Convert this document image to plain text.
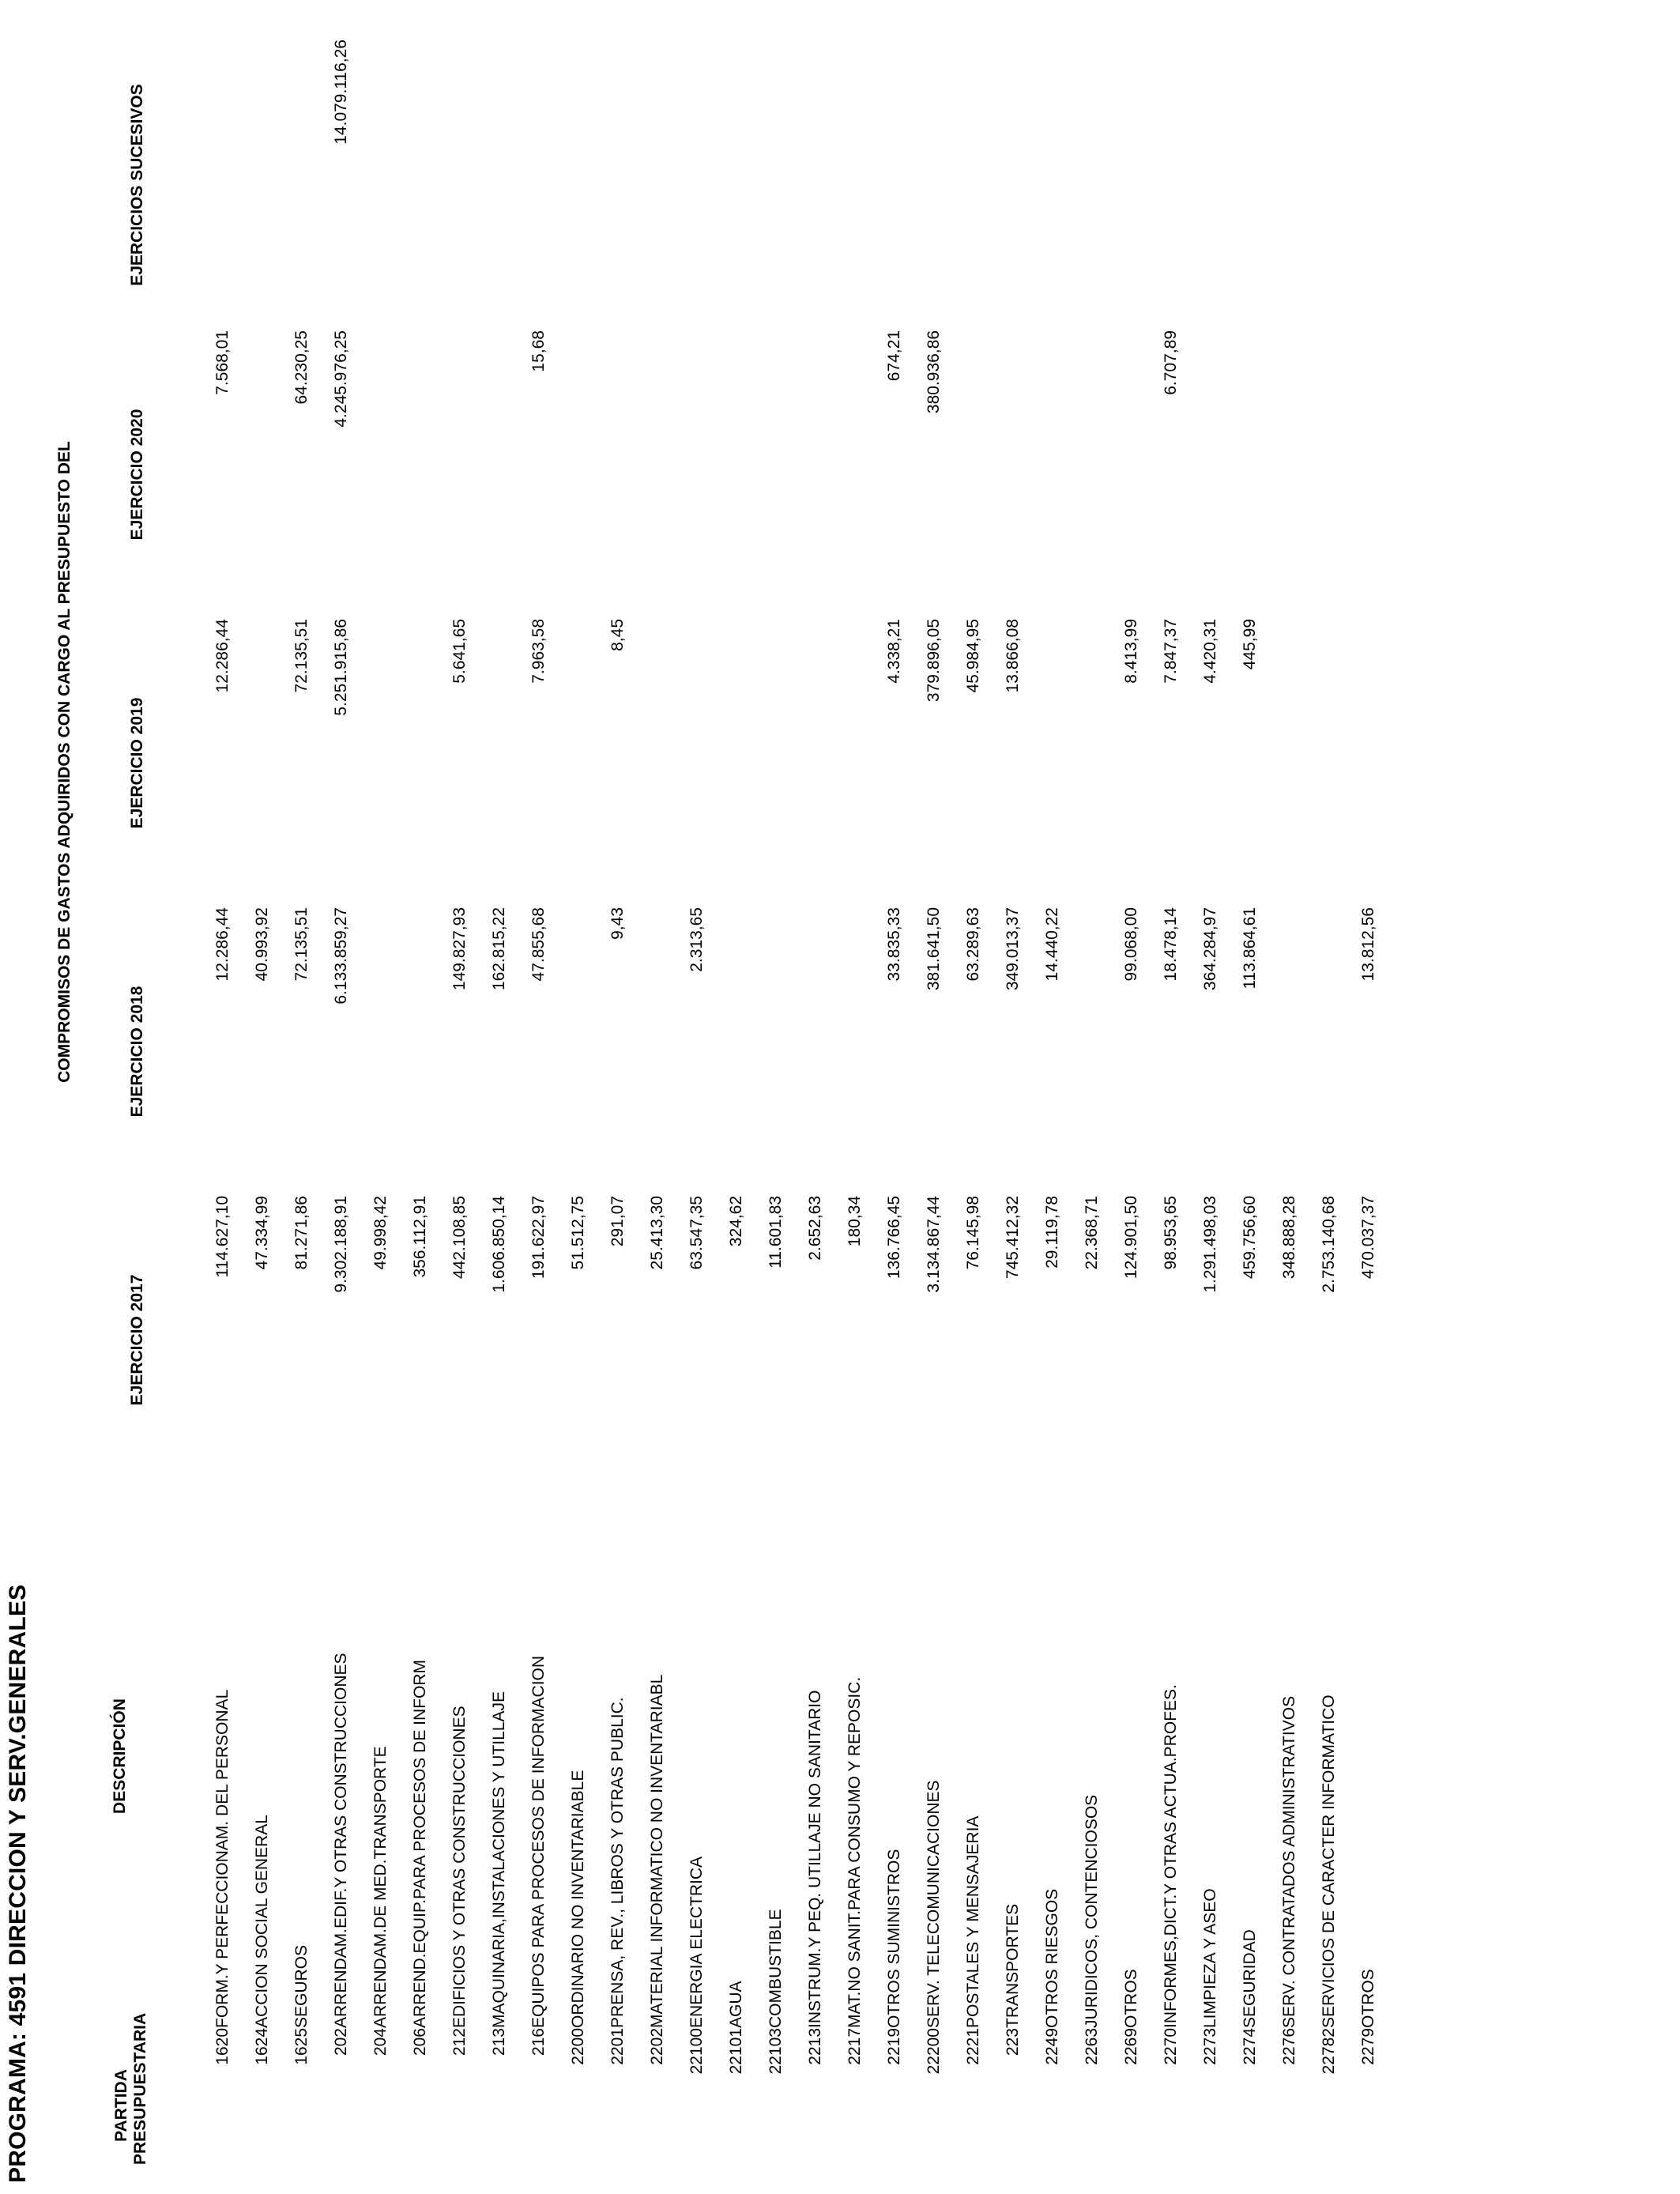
PROGRAMA: 4591 DIRECCION Y SERV.GENERALES	PARTIDA PRESUPUESTARIA	DESCRIPCIÓN	COMPROMISOS DE GASTOS ADQUIRIDOS CON CARGO AL PRESUPUESTO DEL				
		EJERCICIO 2017	EJERCICIO 2018	EJERCICIO 2019	EJERCICIO 2020	EJERCICIOS SUCESIVOS
1620	FORM.Y PERFECCIONAM. DEL PERSONAL	114.627,10	12.286,44	12.286,44	7.568,01	
1624	ACCION SOCIAL GENERAL	47.334,99	40.993,92			
1625	SEGUROS	81.271,86	72.135,51	72.135,51	64.230,25	
202	ARRENDAM.EDIF.Y OTRAS CONSTRUCCIONES	9.302.188,91	6.133.859,27	5.251.915,86	4.245.976,25	14.079.116,26
204	ARRENDAM.DE MED.TRANSPORTE	49.998,42				
206	ARREND.EQUIP.PARA PROCESOS DE INFORM	356.112,91				
212	EDIFICIOS Y OTRAS CONSTRUCCIONES	442.108,85	149.827,93	5.641,65		
213	MAQUINARIA,INSTALACIONES Y UTILLAJE	1.606.850,14	162.815,22			
216	EQUIPOS PARA PROCESOS DE INFORMACION	191.622,97	47.855,68	7.963,58	15,68	
2200	ORDINARIO NO INVENTARIABLE	51.512,75				
2201	PRENSA, REV., LIBROS Y OTRAS PUBLIC.	291,07	9,43	8,45		
2202	MATERIAL INFORMATICO NO INVENTARIABL	25.413,30				
22100	ENERGIA ELECTRICA	63.547,35	2.313,65			
22101	AGUA	324,62				
22103	COMBUSTIBLE	11.601,83				
2213	INSTRUM.Y PEQ. UTILLAJE NO SANITARIO	2.652,63				
2217	MAT.NO SANIT.PARA CONSUMO Y REPOSIC.	180,34				
2219	OTROS SUMINISTROS	136.766,45	33.835,33	4.338,21	674,21	
22200	SERV. TELECOMUNICACIONES	3.134.867,44	381.641,50	379.896,05	380.936,86	
2221	POSTALES Y MENSAJERIA	76.145,98	63.289,63	45.984,95		
223	TRANSPORTES	745.412,32	349.013,37	13.866,08		
2249	OTROS RIESGOS	29.119,78	14.440,22			
2263	JURIDICOS, CONTENCIOSOS	22.368,71				
2269	OTROS	124.901,50	99.068,00	8.413,99		
2270	INFORMES,DICT.Y OTRAS ACTUA.PROFES.	98.953,65	18.478,14	7.847,37	6.707,89	
2273	LIMPIEZA Y ASEO	1.291.498,03	364.284,97	4.420,31		
2274	SEGURIDAD	459.756,60	113.864,61	445,99		
2276	SERV. CONTRATADOS ADMINISTRATIVOS	348.888,28				
22782	SERVICIOS DE CARACTER INFORMATICO	2.753.140,68				
2279	OTROS	470.037,37	13.812,56			
